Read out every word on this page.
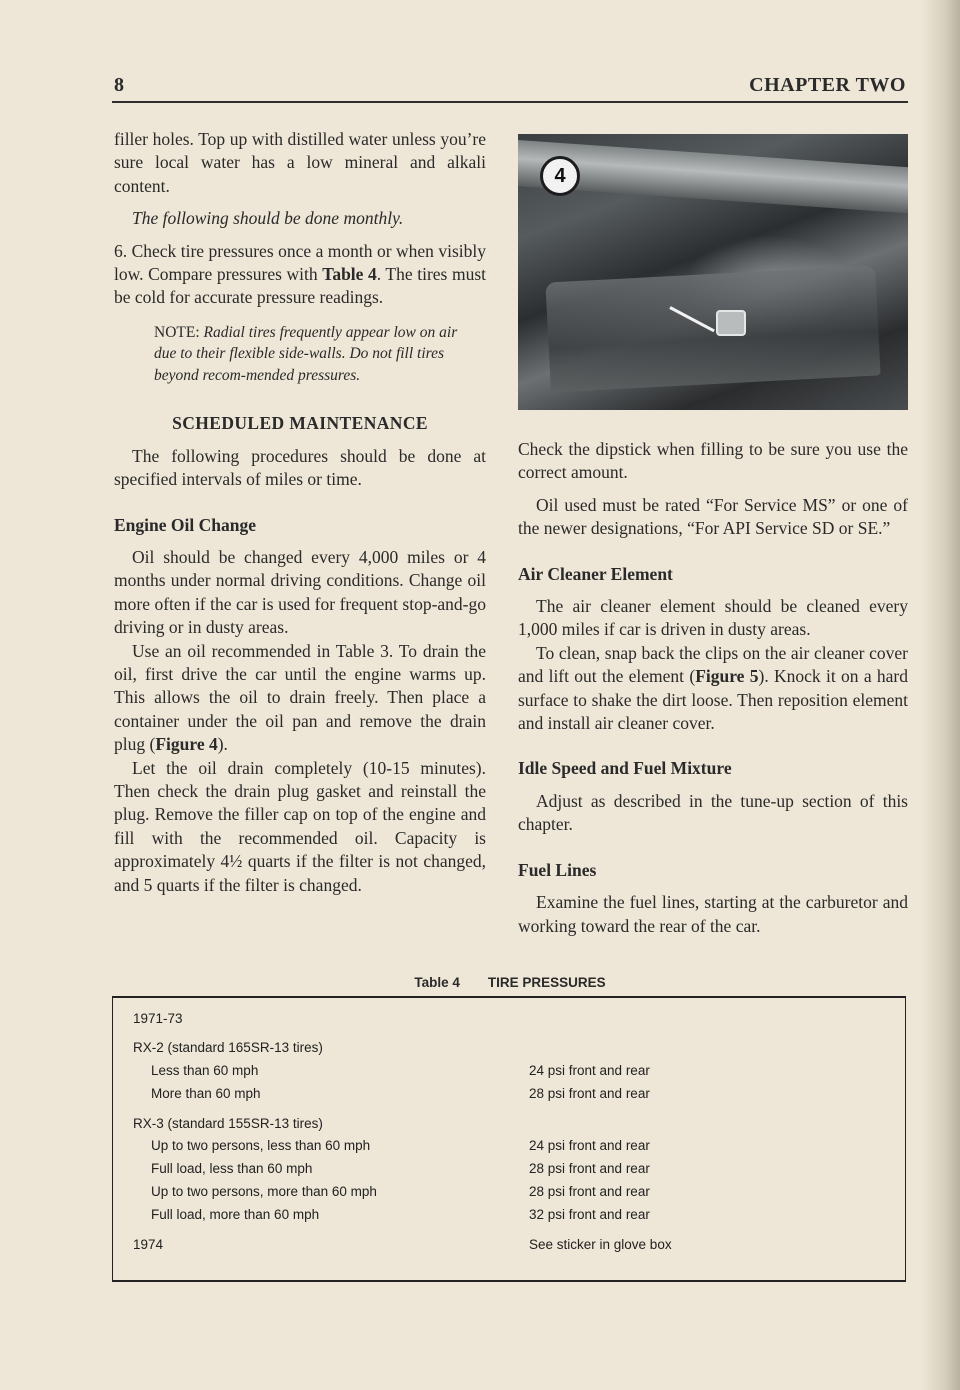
8	CHAPTER TWO

filler holes. Top up with distilled water unless you’re sure local water has a low mineral and alkali content.

The following should be done monthly.

6. Check tire pressures once a month or when visibly low. Compare pressures with Table 4. The tires must be cold for accurate pressure readings.

NOTE: Radial tires frequently appear low on air due to their flexible side-walls. Do not fill tires beyond recom-mended pressures.

SCHEDULED MAINTENANCE

The following procedures should be done at specified intervals of miles or time.

Engine Oil Change

Oil should be changed every 4,000 miles or 4 months under normal driving conditions. Change oil more often if the car is used for frequent stop-and-go driving or in dusty areas.

Use an oil recommended in Table 3. To drain the oil, first drive the car until the engine warms up. This allows the oil to drain freely. Then place a container under the oil pan and remove the drain plug (Figure 4).

Let the oil drain completely (10-15 minutes). Then check the drain plug gasket and reinstall the plug. Remove the filler cap on top of the engine and fill with the recommended oil. Capacity is approximately 4½ quarts if the filter is not changed, and 5 quarts if the filter is changed.

4

Check the dipstick when filling to be sure you use the correct amount.

Oil used must be rated “For Service MS” or one of the newer designations, “For API Service SD or SE.”

Air Cleaner Element

The air cleaner element should be cleaned every 1,000 miles if car is driven in dusty areas.

To clean, snap back the clips on the air cleaner cover and lift out the element (Figure 5). Knock it on a hard surface to shake the dirt loose. Then reposition element and install air cleaner cover.

Idle Speed and Fuel Mixture

Adjust as described in the tune-up section of this chapter.

Fuel Lines

Examine the fuel lines, starting at the carburetor and working toward the rear of the car.

Table 4 TIRE PRESSURES
1971-73
RX-2 (standard 165SR-13 tires)
Less than 60 mph	24 psi front and rear
More than 60 mph	28 psi front and rear
RX-3 (standard 155SR-13 tires)
Up to two persons, less than 60 mph	24 psi front and rear
Full load, less than 60 mph	28 psi front and rear
Up to two persons, more than 60 mph	28 psi front and rear
Full load, more than 60 mph	32 psi front and rear
1974	See sticker in glove box
